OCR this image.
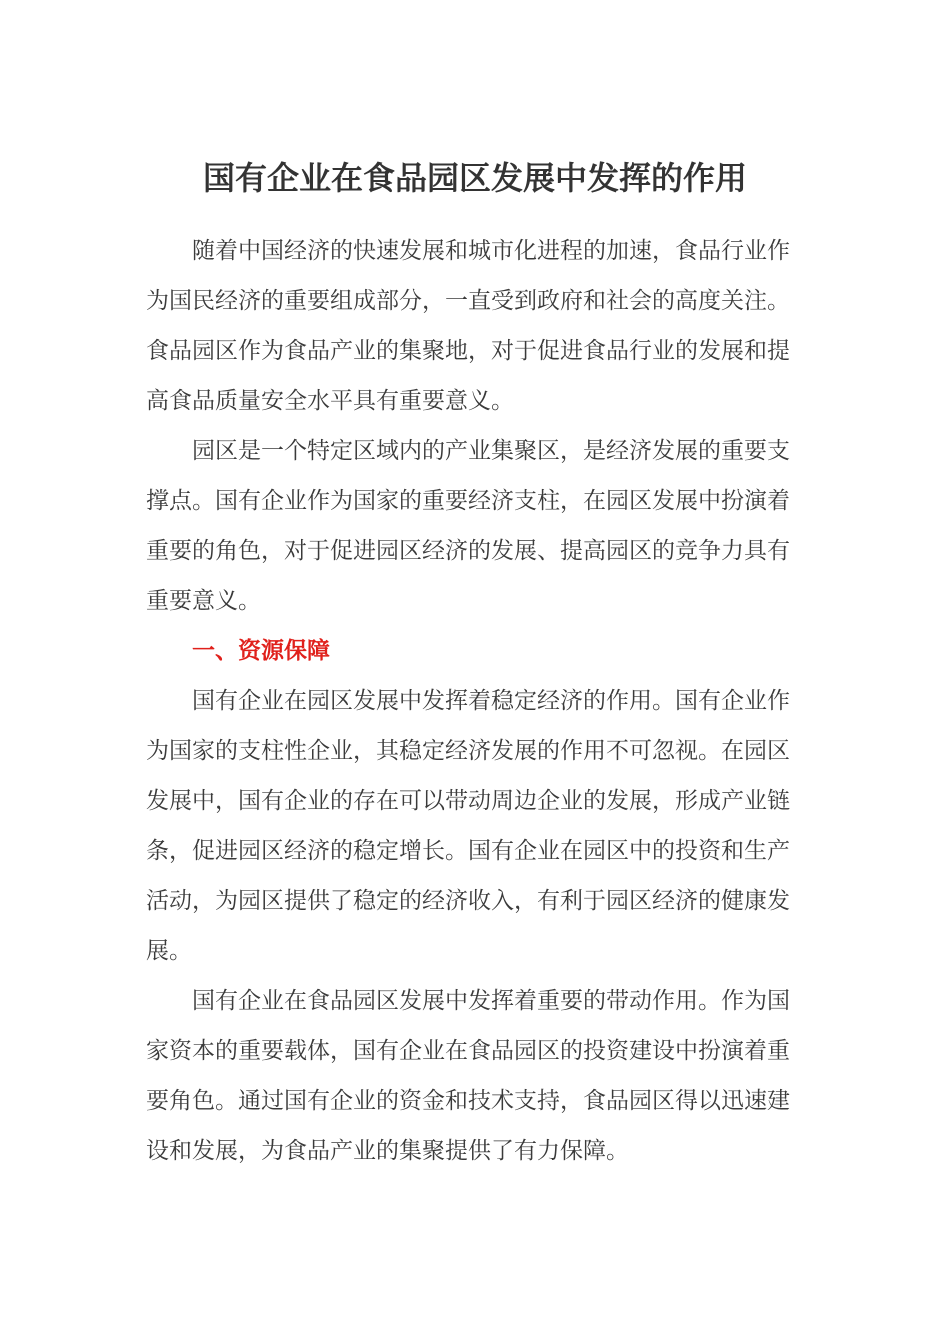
国有企业在食品园区发展中发挥的作用

随着中国经济的快速发展和城市化进程的加速，食品行业作为国民经济的重要组成部分，一直受到政府和社会的高度关注。食品园区作为食品产业的集聚地，对于促进食品行业的发展和提高食品质量安全水平具有重要意义。

园区是一个特定区域内的产业集聚区，是经济发展的重要支撑点。国有企业作为国家的重要经济支柱，在园区发展中扮演着重要的角色，对于促进园区经济的发展、提高园区的竞争力具有重要意义。

一、资源保障

国有企业在园区发展中发挥着稳定经济的作用。国有企业作为国家的支柱性企业，其稳定经济发展的作用不可忽视。在园区发展中，国有企业的存在可以带动周边企业的发展，形成产业链条，促进园区经济的稳定增长。国有企业在园区中的投资和生产活动，为园区提供了稳定的经济收入，有利于园区经济的健康发展。

国有企业在食品园区发展中发挥着重要的带动作用。作为国家资本的重要载体，国有企业在食品园区的投资建设中扮演着重要角色。通过国有企业的资金和技术支持，食品园区得以迅速建设和发展，为食品产业的集聚提供了有力保障。
